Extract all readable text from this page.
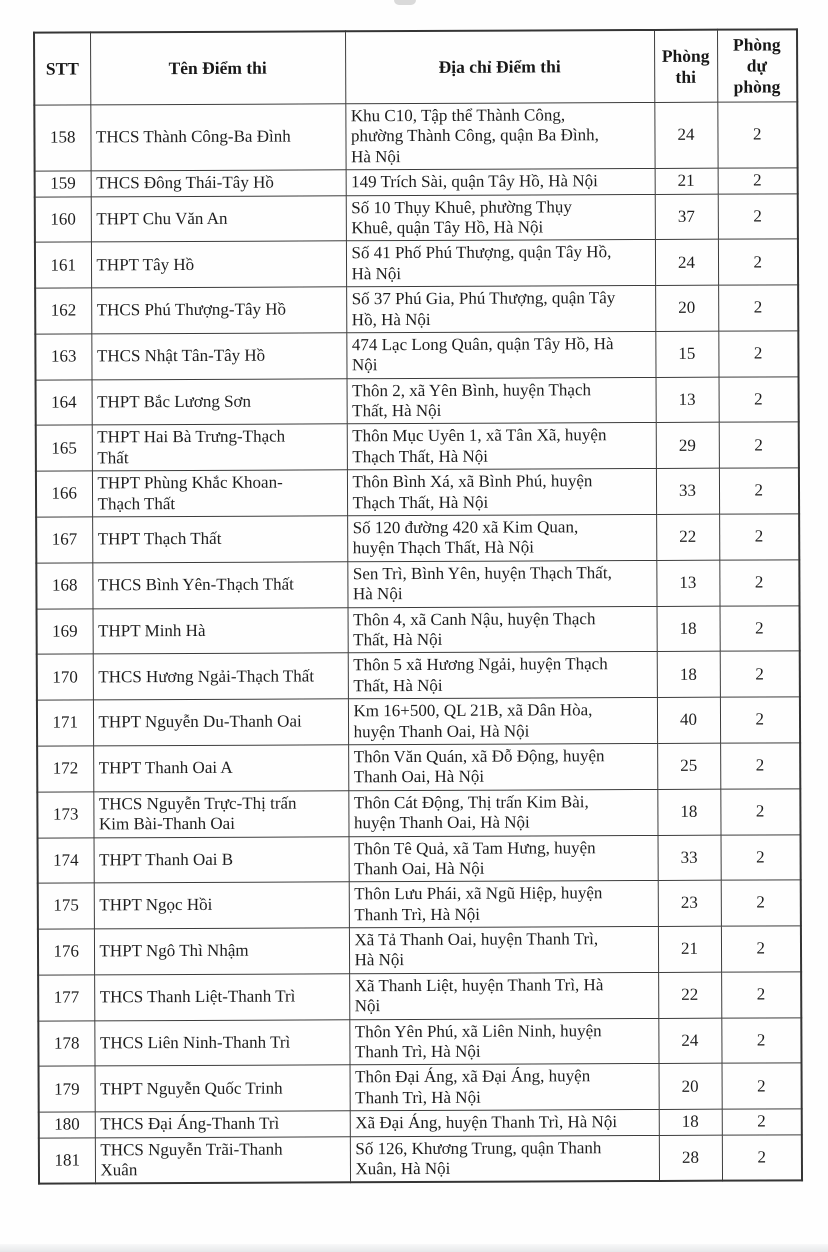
STT	Tên Điểm thi	Địa chỉ Điểm thi	Phòng thi	Phòng dự phòng
158	THCS Thành Công-Ba Đình	Khu C10, Tập thể Thành Công,
phường Thành Công, quận Ba Đình,
Hà Nội	24	2
159	THCS Đông Thái-Tây Hồ	149 Trích Sài, quận Tây Hồ, Hà Nội	21	2
160	THPT Chu Văn An	Số 10 Thụy Khuê, phường Thụy
Khuê, quận Tây Hồ, Hà Nội	37	2
161	THPT Tây Hồ	Số 41 Phố Phú Thượng, quận Tây Hồ,
Hà Nội	24	2
162	THCS Phú Thượng-Tây Hồ	Số 37 Phú Gia, Phú Thượng, quận Tây
Hồ, Hà Nội	20	2
163	THCS Nhật Tân-Tây Hồ	474 Lạc Long Quân, quận Tây Hồ, Hà
Nội	15	2
164	THPT Bắc Lương Sơn	Thôn 2, xã Yên Bình, huyện Thạch
Thất, Hà Nội	13	2
165	THPT Hai Bà Trưng-Thạch
Thất	Thôn Mục Uyên 1, xã Tân Xã, huyện
Thạch Thất, Hà Nội	29	2
166	THPT Phùng Khắc Khoan-
Thạch Thất	Thôn Bình Xá, xã Bình Phú, huyện
Thạch Thất, Hà Nội	33	2
167	THPT Thạch Thất	Số 120 đường 420 xã Kim Quan,
huyện Thạch Thất, Hà Nội	22	2
168	THCS Bình Yên-Thạch Thất	Sen Trì, Bình Yên, huyện Thạch Thất,
Hà Nội	13	2
169	THPT Minh Hà	Thôn 4, xã Canh Nậu, huyện Thạch
Thất, Hà Nội	18	2
170	THCS Hương Ngải-Thạch Thất	Thôn 5 xã Hương Ngải, huyện Thạch
Thất, Hà Nội	18	2
171	THPT Nguyễn Du-Thanh Oai	Km 16+500, QL 21B, xã Dân Hòa,
huyện Thanh Oai, Hà Nội	40	2
172	THPT Thanh Oai A	Thôn Văn Quán, xã Đỗ Động, huyện
Thanh Oai, Hà Nội	25	2
173	THCS Nguyễn Trực-Thị trấn
Kim Bài-Thanh Oai	Thôn Cát Động, Thị trấn Kim Bài,
huyện Thanh Oai, Hà Nội	18	2
174	THPT Thanh Oai B	Thôn Tê Quả, xã Tam Hưng, huyện
Thanh Oai, Hà Nội	33	2
175	THPT Ngọc Hồi	Thôn Lưu Phái, xã Ngũ Hiệp, huyện
Thanh Trì, Hà Nội	23	2
176	THPT Ngô Thì Nhậm	Xã Tả Thanh Oai, huyện Thanh Trì,
Hà Nội	21	2
177	THCS Thanh Liệt-Thanh Trì	Xã Thanh Liệt, huyện Thanh Trì, Hà
Nội	22	2
178	THCS Liên Ninh-Thanh Trì	Thôn Yên Phú, xã Liên Ninh, huyện
Thanh Trì, Hà Nội	24	2
179	THPT Nguyễn Quốc Trinh	Thôn Đại Áng, xã Đại Áng, huyện
Thanh Trì, Hà Nội	20	2
180	THCS Đại Áng-Thanh Trì	Xã Đại Áng, huyện Thanh Trì, Hà Nội	18	2
181	THCS Nguyễn Trãi-Thanh
Xuân	Số 126, Khương Trung, quận Thanh
Xuân, Hà Nội	28	2
